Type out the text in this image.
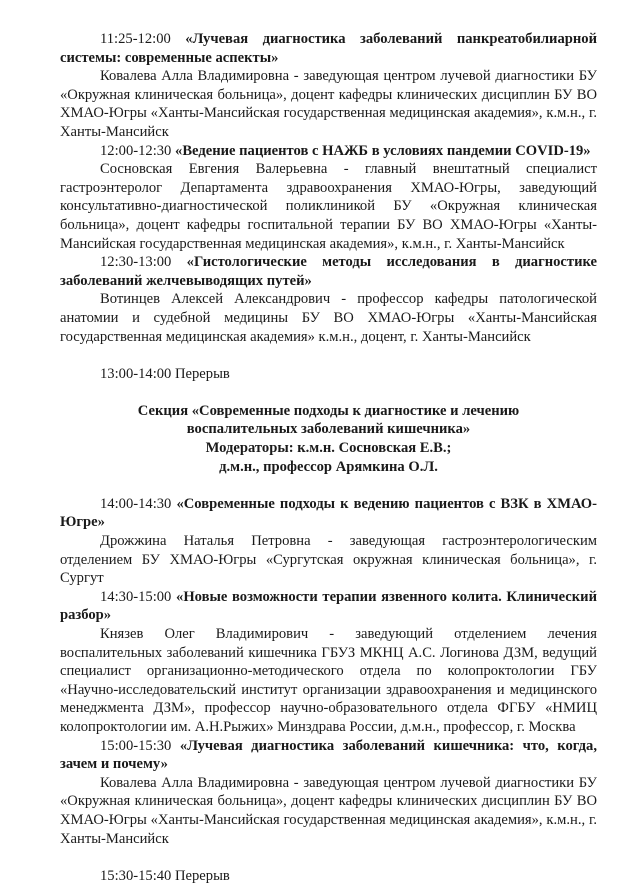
11:25-12:00 «Лучевая диагностика заболеваний панкреатобилиарной системы: современные аспекты»

Ковалева Алла Владимировна - заведующая центром лучевой диагностики БУ «Окружная клиническая больница», доцент кафедры клинических дисциплин БУ ВО ХМАО-Югры «Ханты-Мансийская государственная медицинская академия», к.м.н., г. Ханты-Мансийск

12:00-12:30 «Ведение пациентов с НАЖБ в условиях пандемии COVID-19»

Сосновская Евгения Валерьевна - главный внештатный специалист гастроэнтеролог Департамента здравоохранения ХМАО-Югры, заведующий консультативно-диагностической поликлиникой БУ «Окружная клиническая больница», доцент кафедры госпитальной терапии БУ ВО ХМАО-Югры «Ханты-Мансийская государственная медицинская академия», к.м.н., г. Ханты-Мансийск

12:30-13:00 «Гистологические методы исследования в диагностике заболеваний желчевыводящих путей»

Вотинцев Алексей Александрович - профессор кафедры патологической анатомии и судебной медицины БУ ВО ХМАО-Югры «Ханты-Мансийская государственная медицинская академия» к.м.н., доцент, г. Ханты-Мансийск

13:00-14:00 Перерыв

Секция «Современные подходы к диагностике и лечению

воспалительных заболеваний кишечника»

Модераторы: к.м.н. Сосновская Е.В.;

д.м.н., профессор Арямкина О.Л.

14:00-14:30 «Современные подходы к ведению пациентов с ВЗК в ХМАО-Югре»

Дрожжина Наталья Петровна - заведующая гастроэнтерологическим отделением БУ ХМАО-Югры «Сургутская окружная клиническая больница», г. Сургут

14:30-15:00 «Новые возможности терапии язвенного колита. Клинический разбор»

Князев Олег Владимирович - заведующий отделением лечения воспалительных заболеваний кишечника ГБУЗ МКНЦ А.С. Логинова ДЗМ, ведущий специалист организационно-методического отдела по колопроктологии ГБУ «Научно-исследовательский институт организации здравоохранения и медицинского менеджмента ДЗМ», профессор научно-образовательного отдела ФГБУ «НМИЦ колопроктологии им. А.Н.Рыжих» Минздрава России, д.м.н., профессор, г. Москва

15:00-15:30 «Лучевая диагностика заболеваний кишечника: что, когда, зачем и почему»

Ковалева Алла Владимировна - заведующая центром лучевой диагностики БУ «Окружная клиническая больница», доцент кафедры клинических дисциплин БУ ВО ХМАО-Югры «Ханты-Мансийская государственная медицинская академия», к.м.н., г. Ханты-Мансийск

15:30-15:40 Перерыв
